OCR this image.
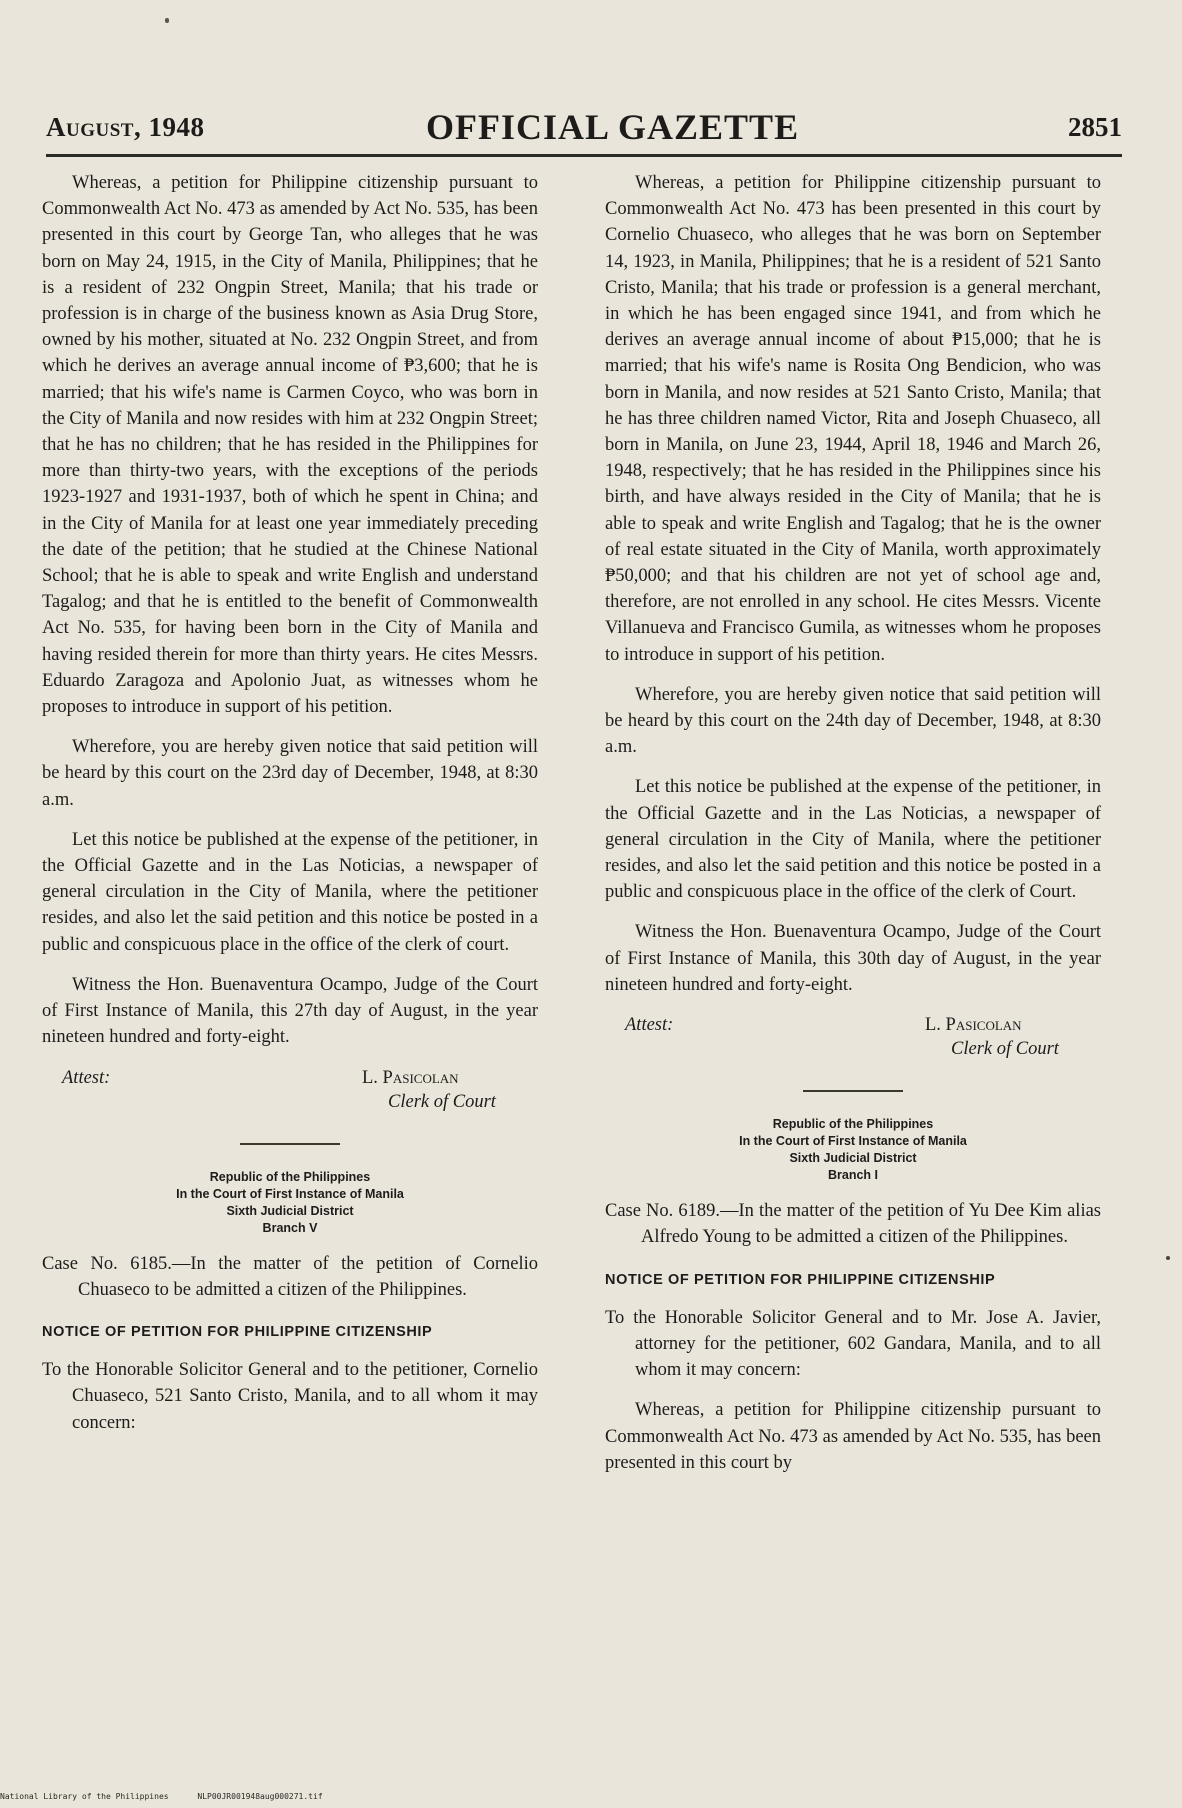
August, 1948	OFFICIAL GAZETTE	2851

Whereas, a petition for Philippine citizenship pursuant to Commonwealth Act No. 473 as amended by Act No. 535, has been presented in this court by George Tan, who alleges that he was born on May 24, 1915, in the City of Manila, Philippines; that he is a resident of 232 Ongpin Street, Manila; that his trade or profession is in charge of the business known as Asia Drug Store, owned by his mother, situated at No. 232 Ongpin Street, and from which he derives an average annual income of ₱3,600; that he is married; that his wife's name is Carmen Coyco, who was born in the City of Manila and now resides with him at 232 Ongpin Street; that he has no children; that he has resided in the Philippines for more than thirty-two years, with the exceptions of the periods 1923-1927 and 1931-1937, both of which he spent in China; and in the City of Manila for at least one year immediately preceding the date of the petition; that he studied at the Chinese National School; that he is able to speak and write English and understand Tagalog; and that he is entitled to the benefit of Commonwealth Act No. 535, for having been born in the City of Manila and having resided therein for more than thirty years. He cites Messrs. Eduardo Zaragoza and Apolonio Juat, as witnesses whom he proposes to introduce in support of his petition.

Wherefore, you are hereby given notice that said petition will be heard by this court on the 23rd day of December, 1948, at 8:30 a.m.

Let this notice be published at the expense of the petitioner, in the Official Gazette and in the Las Noticias, a newspaper of general circulation in the City of Manila, where the petitioner resides, and also let the said petition and this notice be posted in a public and conspicuous place in the office of the clerk of court.

Witness the Hon. Buenaventura Ocampo, Judge of the Court of First Instance of Manila, this 27th day of August, in the year nineteen hundred and forty-eight.

Attest:	L. Pasicolan
Clerk of Court
Republic of the Philippines
In the Court of First Instance of Manila
Sixth Judicial District
Branch V

Case No. 6185.—In the matter of the petition of Cornelio Chuaseco to be admitted a citizen of the Philippines.

NOTICE OF PETITION FOR PHILIPPINE CITIZENSHIP

To the Honorable Solicitor General and to the petitioner, Cornelio Chuaseco, 521 Santo Cristo, Manila, and to all whom it may concern:

Whereas, a petition for Philippine citizenship pursuant to Commonwealth Act No. 473 has been presented in this court by Cornelio Chuaseco, who alleges that he was born on September 14, 1923, in Manila, Philippines; that he is a resident of 521 Santo Cristo, Manila; that his trade or profession is a general merchant, in which he has been engaged since 1941, and from which he derives an average annual income of about ₱15,000; that he is married; that his wife's name is Rosita Ong Bendicion, who was born in Manila, and now resides at 521 Santo Cristo, Manila; that he has three children named Victor, Rita and Joseph Chuaseco, all born in Manila, on June 23, 1944, April 18, 1946 and March 26, 1948, respectively; that he has resided in the Philippines since his birth, and have always resided in the City of Manila; that he is able to speak and write English and Tagalog; that he is the owner of real estate situated in the City of Manila, worth approximately ₱50,000; and that his children are not yet of school age and, therefore, are not enrolled in any school. He cites Messrs. Vicente Villanueva and Francisco Gumila, as witnesses whom he proposes to introduce in support of his petition.

Wherefore, you are hereby given notice that said petition will be heard by this court on the 24th day of December, 1948, at 8:30 a.m.

Let this notice be published at the expense of the petitioner, in the Official Gazette and in the Las Noticias, a newspaper of general circulation in the City of Manila, where the petitioner resides, and also let the said petition and this notice be posted in a public and conspicuous place in the office of the clerk of Court.

Witness the Hon. Buenaventura Ocampo, Judge of the Court of First Instance of Manila, this 30th day of August, in the year nineteen hundred and forty-eight.

Attest:	L. Pasicolan
Clerk of Court
Republic of the Philippines
In the Court of First Instance of Manila
Sixth Judicial District
Branch I

Case No. 6189.—In the matter of the petition of Yu Dee Kim alias Alfredo Young to be admitted a citizen of the Philippines.

NOTICE OF PETITION FOR PHILIPPINE CITIZENSHIP

To the Honorable Solicitor General and to Mr. Jose A. Javier, attorney for the petitioner, 602 Gandara, Manila, and to all whom it may concern:

Whereas, a petition for Philippine citizenship pursuant to Commonwealth Act No. 473 as amended by Act No. 535, has been presented in this court by

National Library of the Philippines	NLP00JR001948aug000271.tif
